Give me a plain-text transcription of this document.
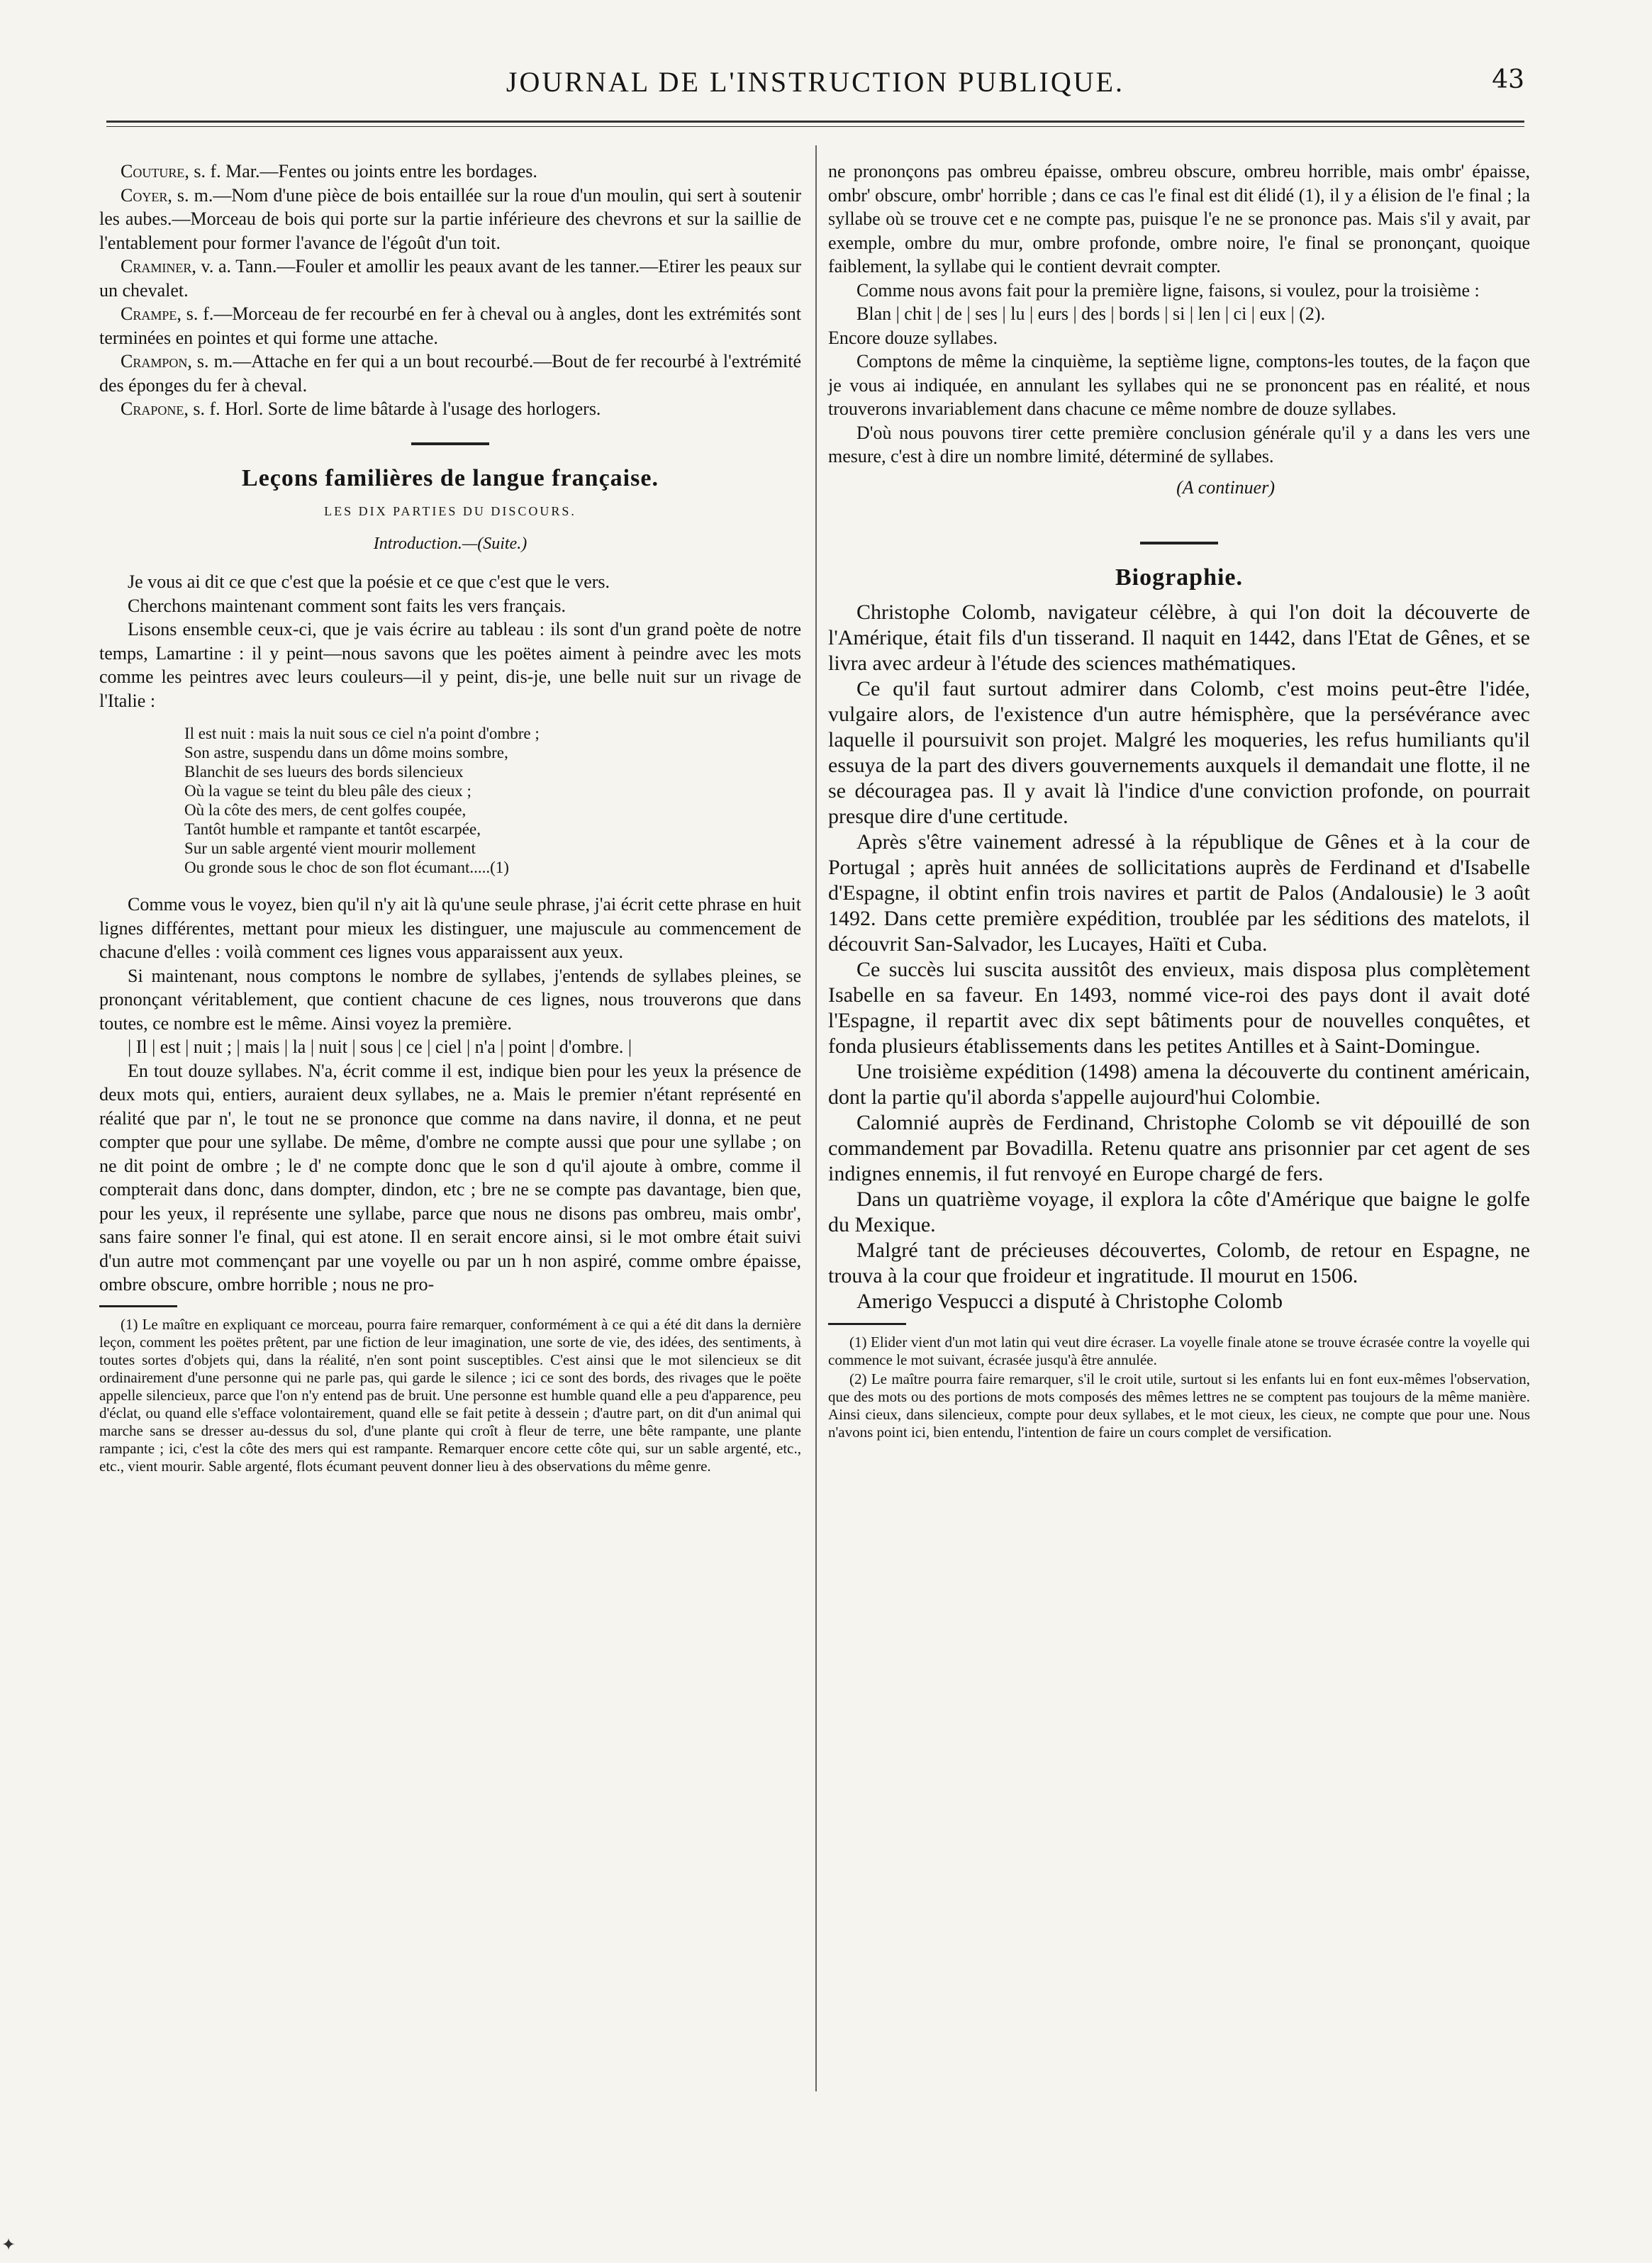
JOURNAL DE L'INSTRUCTION PUBLIQUE.	43

Couture, s. f. Mar.—Fentes ou joints entre les bordages.

Coyer, s. m.—Nom d'une pièce de bois entaillée sur la roue d'un moulin, qui sert à soutenir les aubes.—Morceau de bois qui porte sur la partie inférieure des chevrons et sur la saillie de l'entablement pour former l'avance de l'égoût d'un toit.

Craminer, v. a. Tann.—Fouler et amollir les peaux avant de les tanner.—Etirer les peaux sur un chevalet.

Crampe, s. f.—Morceau de fer recourbé en fer à cheval ou à angles, dont les extrémités sont terminées en pointes et qui forme une attache.

Crampon, s. m.—Attache en fer qui a un bout recourbé.—Bout de fer recourbé à l'extrémité des éponges du fer à cheval.

Crapone, s. f. Horl. Sorte de lime bâtarde à l'usage des horlogers.

Leçons familières de langue française.
LES DIX PARTIES DU DISCOURS.
Introduction.—(Suite.)

Je vous ai dit ce que c'est que la poésie et ce que c'est que le vers.

Cherchons maintenant comment sont faits les vers français.

Lisons ensemble ceux-ci, que je vais écrire au tableau : ils sont d'un grand poète de notre temps, Lamartine : il y peint—nous savons que les poëtes aiment à peindre avec les mots comme les peintres avec leurs couleurs—il y peint, dis-je, une belle nuit sur un rivage de l'Italie :

Il est nuit : mais la nuit sous ce ciel n'a point d'ombre ;
Son astre, suspendu dans un dôme moins sombre,
Blanchit de ses lueurs des bords silencieux
Où la vague se teint du bleu pâle des cieux ;
Où la côte des mers, de cent golfes coupée,
Tantôt humble et rampante et tantôt escarpée,
Sur un sable argenté vient mourir mollement
Ou gronde sous le choc de son flot écumant.....(1)

Comme vous le voyez, bien qu'il n'y ait là qu'une seule phrase, j'ai écrit cette phrase en huit lignes différentes, mettant pour mieux les distinguer, une majuscule au commencement de chacune d'elles : voilà comment ces lignes vous apparaissent aux yeux.

Si maintenant, nous comptons le nombre de syllabes, j'entends de syllabes pleines, se prononçant véritablement, que contient chacune de ces lignes, nous trouverons que dans toutes, ce nombre est le même. Ainsi voyez la première.

| Il | est | nuit ; | mais | la | nuit | sous | ce | ciel | n'a | point | d'ombre. |

En tout douze syllabes. N'a, écrit comme il est, indique bien pour les yeux la présence de deux mots qui, entiers, auraient deux syllabes, ne a. Mais le premier n'étant représenté en réalité que par n', le tout ne se prononce que comme na dans navire, il donna, et ne peut compter que pour une syllabe. De même, d'ombre ne compte aussi que pour une syllabe ; on ne dit point de ombre ; le d' ne compte donc que le son d qu'il ajoute à ombre, comme il compterait dans donc, dans dompter, dindon, etc ; bre ne se compte pas davantage, bien que, pour les yeux, il représente une syllabe, parce que nous ne disons pas ombreu, mais ombr', sans faire sonner l'e final, qui est atone. Il en serait encore ainsi, si le mot ombre était suivi d'un autre mot commençant par une voyelle ou par un h non aspiré, comme ombre épaisse, ombre obscure, ombre horrible ; nous ne pro-

(1) Le maître en expliquant ce morceau, pourra faire remarquer, conformément à ce qui a été dit dans la dernière leçon, comment les poëtes prêtent, par une fiction de leur imagination, une sorte de vie, des idées, des sentiments, à toutes sortes d'objets qui, dans la réalité, n'en sont point susceptibles. C'est ainsi que le mot silencieux se dit ordinairement d'une personne qui ne parle pas, qui garde le silence ; ici ce sont des bords, des rivages que le poëte appelle silencieux, parce que l'on n'y entend pas de bruit. Une personne est humble quand elle a peu d'apparence, peu d'éclat, ou quand elle s'efface volontairement, quand elle se fait petite à dessein ; d'autre part, on dit d'un animal qui marche sans se dresser au-dessus du sol, d'une plante qui croît à fleur de terre, une bête rampante, une plante rampante ; ici, c'est la côte des mers qui est rampante. Remarquer encore cette côte qui, sur un sable argenté, etc., etc., vient mourir. Sable argenté, flots écumant peuvent donner lieu à des observations du même genre.

ne prononçons pas ombreu épaisse, ombreu obscure, ombreu horrible, mais ombr' épaisse, ombr' obscure, ombr' horrible ; dans ce cas l'e final est dit élidé (1), il y a élision de l'e final ; la syllabe où se trouve cet e ne compte pas, puisque l'e ne se prononce pas. Mais s'il y avait, par exemple, ombre du mur, ombre profonde, ombre noire, l'e final se prononçant, quoique faiblement, la syllabe qui le contient devrait compter.

Comme nous avons fait pour la première ligne, faisons, si voulez, pour la troisième :

Blan | chit | de | ses | lu | eurs | des | bords | si | len | ci | eux | (2).

Encore douze syllabes.

Comptons de même la cinquième, la septième ligne, comptons-les toutes, de la façon que je vous ai indiquée, en annulant les syllabes qui ne se prononcent pas en réalité, et nous trouverons invariablement dans chacune ce même nombre de douze syllabes.

D'où nous pouvons tirer cette première conclusion générale qu'il y a dans les vers une mesure, c'est à dire un nombre limité, déterminé de syllabes.

(A continuer)
Biographie.

Christophe Colomb, navigateur célèbre, à qui l'on doit la découverte de l'Amérique, était fils d'un tisserand. Il naquit en 1442, dans l'Etat de Gênes, et se livra avec ardeur à l'étude des sciences mathématiques.

Ce qu'il faut surtout admirer dans Colomb, c'est moins peut-être l'idée, vulgaire alors, de l'existence d'un autre hémisphère, que la persévérance avec laquelle il poursuivit son projet. Malgré les moqueries, les refus humiliants qu'il essuya de la part des divers gouvernements auxquels il demandait une flotte, il ne se découragea pas. Il y avait là l'indice d'une conviction profonde, on pourrait presque dire d'une certitude.

Après s'être vainement adressé à la république de Gênes et à la cour de Portugal ; après huit années de sollicitations auprès de Ferdinand et d'Isabelle d'Espagne, il obtint enfin trois navires et partit de Palos (Andalousie) le 3 août 1492. Dans cette première expédition, troublée par les séditions des matelots, il découvrit San-Salvador, les Lucayes, Haïti et Cuba.

Ce succès lui suscita aussitôt des envieux, mais disposa plus complètement Isabelle en sa faveur. En 1493, nommé vice-roi des pays dont il avait doté l'Espagne, il repartit avec dix sept bâtiments pour de nouvelles conquêtes, et fonda plusieurs établissements dans les petites Antilles et à Saint-Domingue.

Une troisième expédition (1498) amena la découverte du continent américain, dont la partie qu'il aborda s'appelle aujourd'hui Colombie.

Calomnié auprès de Ferdinand, Christophe Colomb se vit dépouillé de son commandement par Bovadilla. Retenu quatre ans prisonnier par cet agent de ses indignes ennemis, il fut renvoyé en Europe chargé de fers.

Dans un quatrième voyage, il explora la côte d'Amérique que baigne le golfe du Mexique.

Malgré tant de précieuses découvertes, Colomb, de retour en Espagne, ne trouva à la cour que froideur et ingratitude. Il mourut en 1506.

Amerigo Vespucci a disputé à Christophe Colomb

(1) Elider vient d'un mot latin qui veut dire écraser. La voyelle finale atone se trouve écrasée contre la voyelle qui commence le mot suivant, écrasée jusqu'à être annulée.

(2) Le maître pourra faire remarquer, s'il le croit utile, surtout si les enfants lui en font eux-mêmes l'observation, que des mots ou des portions de mots composés des mêmes lettres ne se comptent pas toujours de la même manière. Ainsi cieux, dans silencieux, compte pour deux syllabes, et le mot cieux, les cieux, ne compte que pour une. Nous n'avons point ici, bien entendu, l'intention de faire un cours complet de versification.

✦
